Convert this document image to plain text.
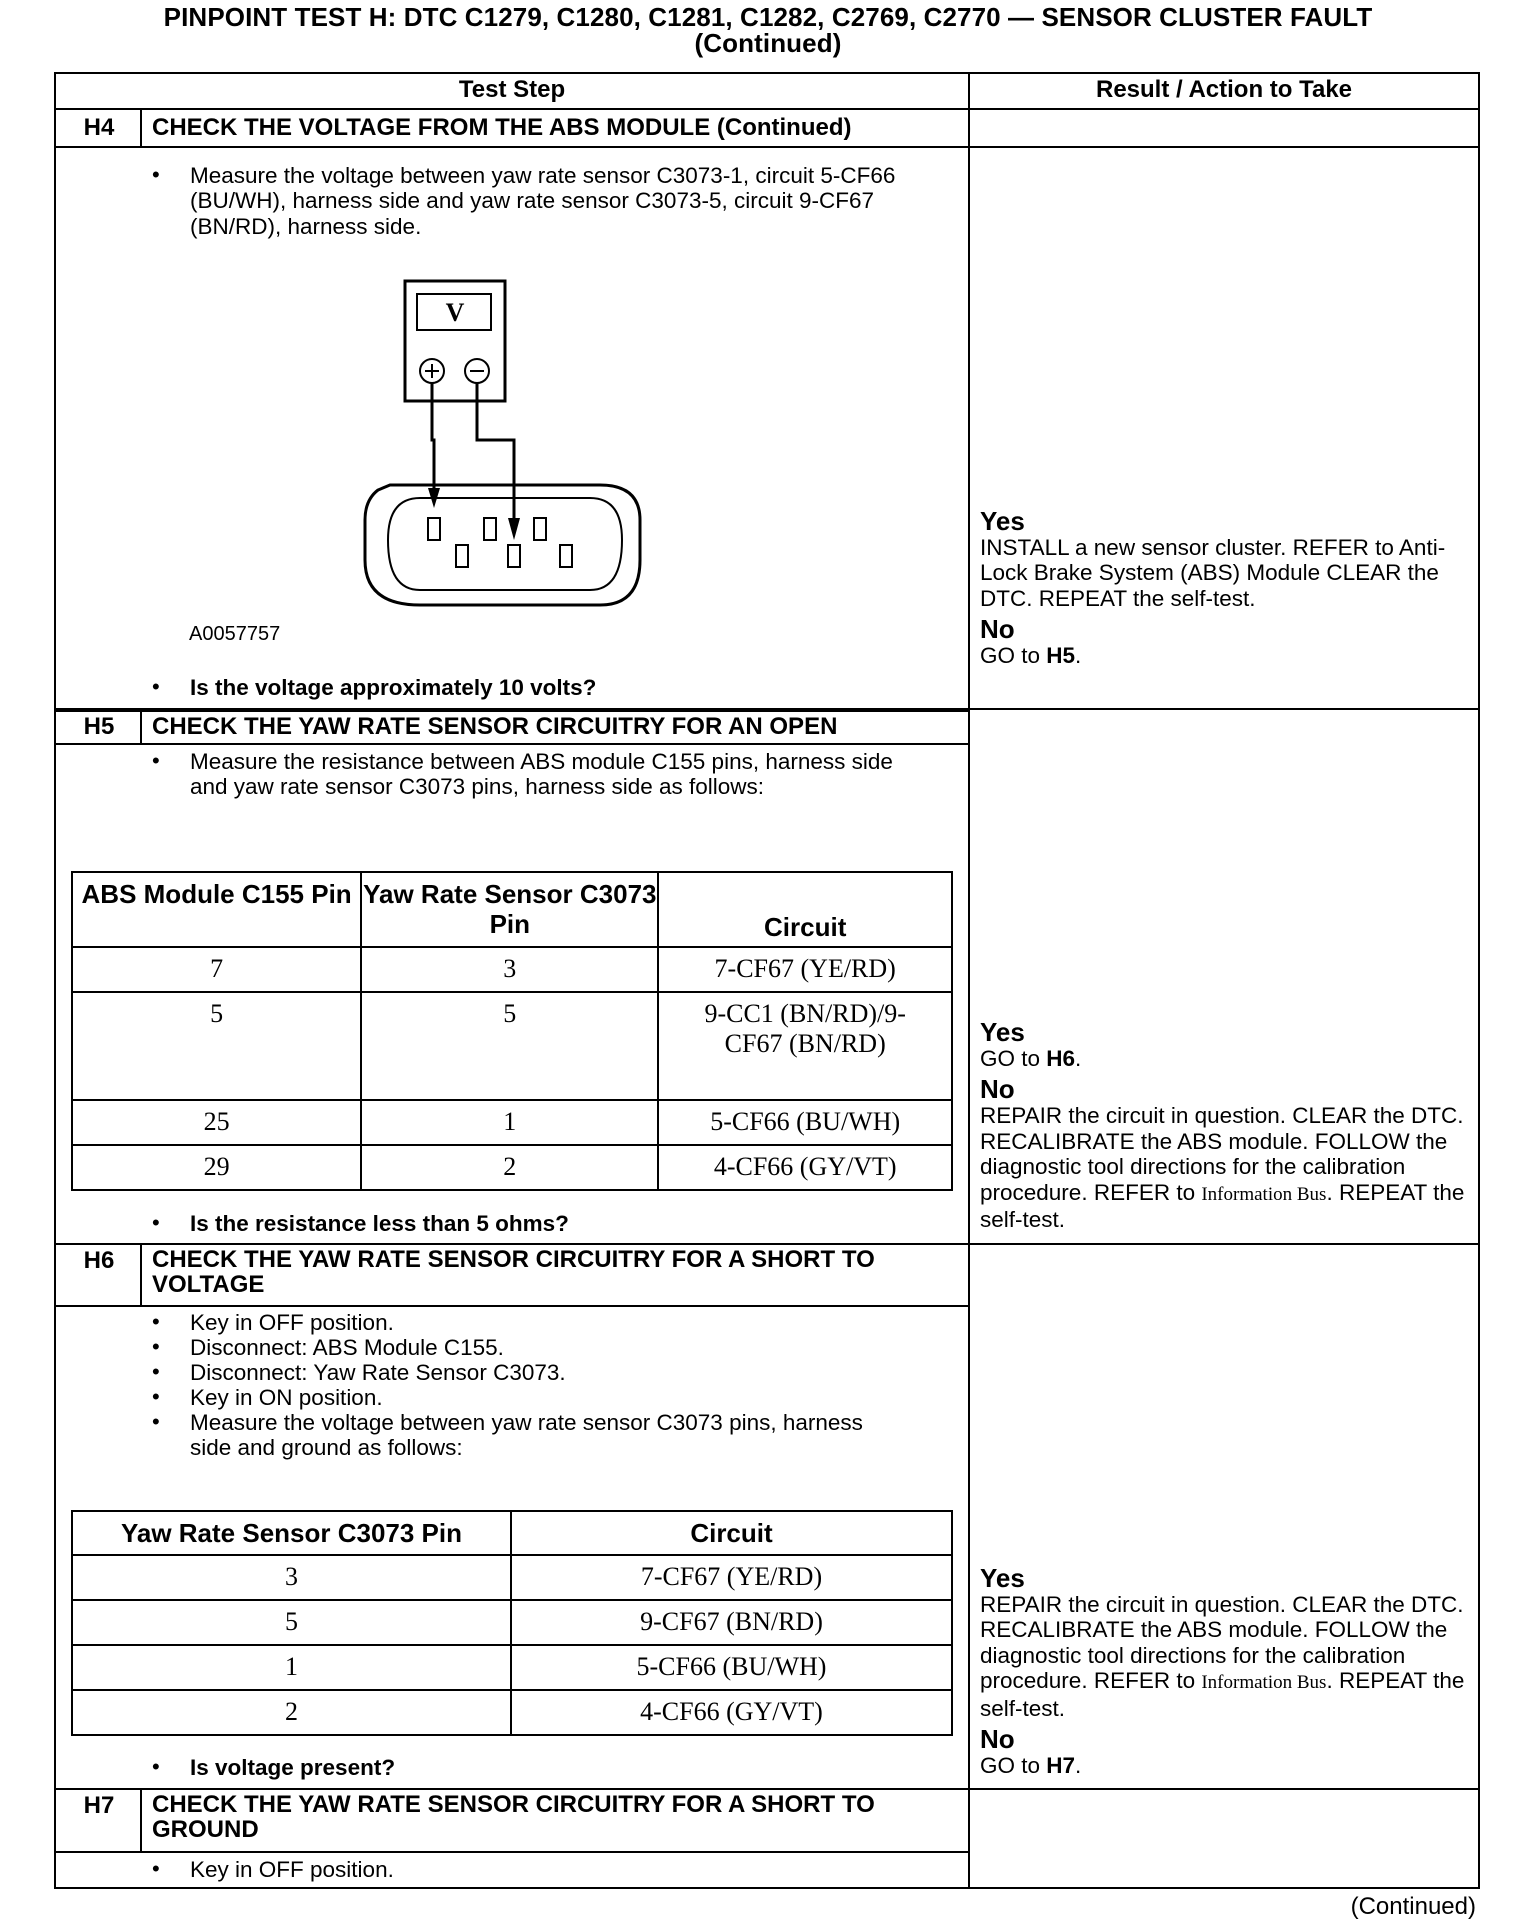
PINPOINT TEST H: DTC C1279, C1280, C1281, C1282, C2769, C2770 — SENSOR CLUSTER FAULT
(Continued)
Test Step	Result / Action to Take
H4	CHECK THE VOLTAGE FROM THE ABS MODULE (Continued)
• Measure the voltage between yaw rate sensor C3073-1, circuit 5-CF66 (BU/WH), harness side and yaw rate sensor C3073-5, circuit 9-CF67 (BN/RD), harness side.
V
A0057757
• Is the voltage approximately 10 volts?
Yes
INSTALL a new sensor cluster. REFER to Anti-Lock Brake System (ABS) Module CLEAR the DTC. REPEAT the self-test.
No
GO to H5.
H5	CHECK THE YAW RATE SENSOR CIRCUITRY FOR AN OPEN
• Measure the resistance between ABS module C155 pins, harness side and yaw rate sensor C3073 pins, harness side as follows:
ABS Module C155 Pin	Yaw Rate Sensor C3073 Pin	Circuit
7	3	7-CF67 (YE/RD)
5	5	9-CC1 (BN/RD)/9-CF67 (BN/RD)
25	1	5-CF66 (BU/WH)
29	2	4-CF66 (GY/VT)
• Is the resistance less than 5 ohms?
Yes
GO to H6.
No
REPAIR the circuit in question. CLEAR the DTC. RECALIBRATE the ABS module. FOLLOW the diagnostic tool directions for the calibration procedure. REFER to Information Bus. REPEAT the self-test.
H6	CHECK THE YAW RATE SENSOR CIRCUITRY FOR A SHORT TO VOLTAGE
• Key in OFF position.
• Disconnect: ABS Module C155.
• Disconnect: Yaw Rate Sensor C3073.
• Key in ON position.
• Measure the voltage between yaw rate sensor C3073 pins, harness side and ground as follows:
Yaw Rate Sensor C3073 Pin	Circuit
3	7-CF67 (YE/RD)
5	9-CF67 (BN/RD)
1	5-CF66 (BU/WH)
2	4-CF66 (GY/VT)
• Is voltage present?
Yes
REPAIR the circuit in question. CLEAR the DTC. RECALIBRATE the ABS module. FOLLOW the diagnostic tool directions for the calibration procedure. REFER to Information Bus. REPEAT the self-test.
No
GO to H7.
H7	CHECK THE YAW RATE SENSOR CIRCUITRY FOR A SHORT TO GROUND
• Key in OFF position.
(Continued)
